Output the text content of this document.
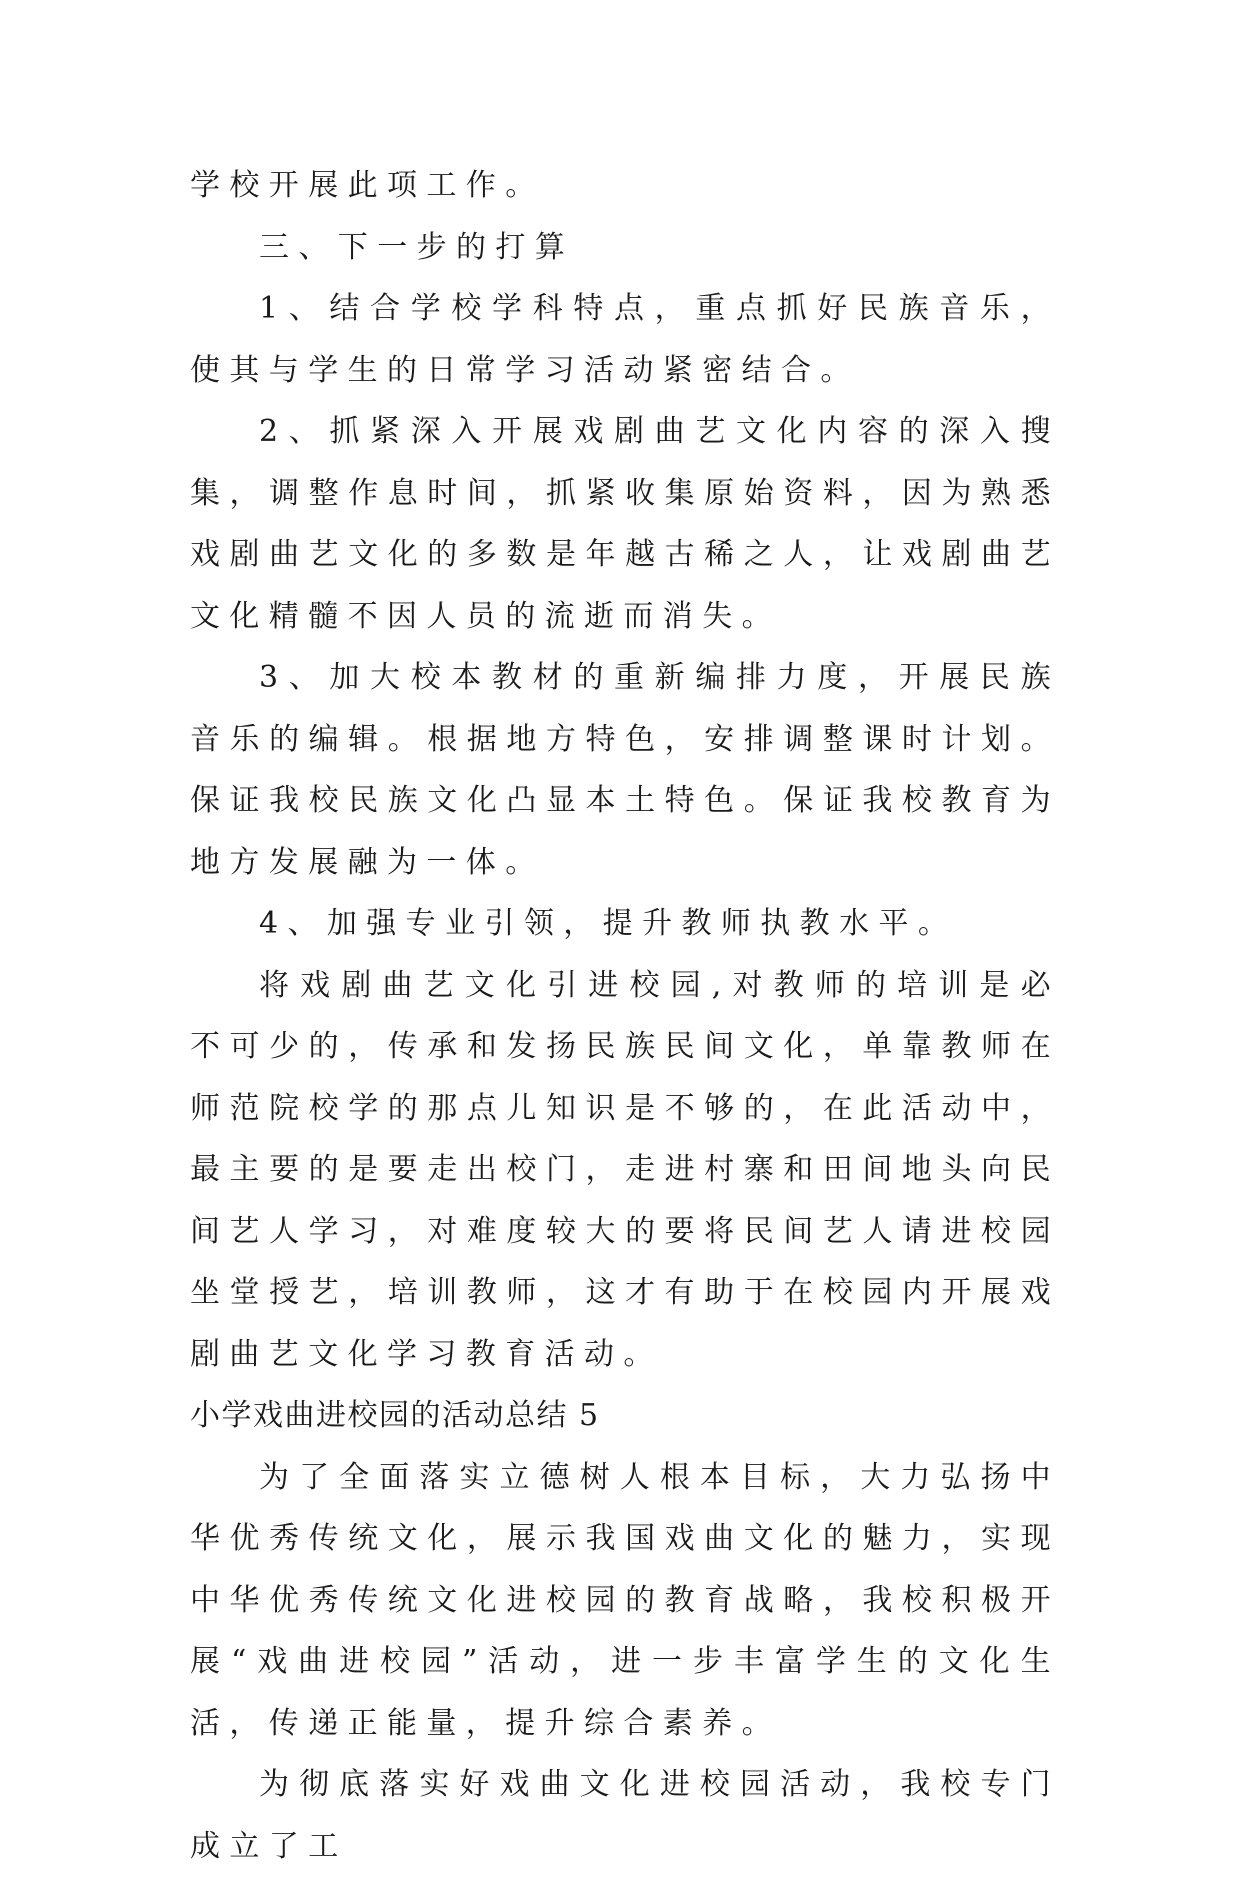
学校开展此项工作。

三、下一步的打算

1、结合学校学科特点，重点抓好民族音乐，使其与学生的日常学习活动紧密结合。

2、抓紧深入开展戏剧曲艺文化内容的深入搜集，调整作息时间，抓紧收集原始资料，因为熟悉戏剧曲艺文化的多数是年越古稀之人，让戏剧曲艺文化精髓不因人员的流逝而消失。

3、加大校本教材的重新编排力度，开展民族音乐的编辑。根据地方特色，安排调整课时计划。保证我校民族文化凸显本土特色。保证我校教育为地方发展融为一体。

4、加强专业引领，提升教师执教水平。

将戏剧曲艺文化引进校园,对教师的培训是必不可少的，传承和发扬民族民间文化，单靠教师在师范院校学的那点儿知识是不够的，在此活动中，最主要的是要走出校门，走进村寨和田间地头向民间艺人学习，对难度较大的要将民间艺人请进校园坐堂授艺，培训教师，这才有助于在校园内开展戏剧曲艺文化学习教育活动。

小学戏曲进校园的活动总结 5

为了全面落实立德树人根本目标，大力弘扬中华优秀传统文化，展示我国戏曲文化的魅力，实现中华优秀传统文化进校园的教育战略，我校积极开展“戏曲进校园”活动，进一步丰富学生的文化生活，传递正能量，提升综合素养。

为彻底落实好戏曲文化进校园活动，我校专门成立了工
